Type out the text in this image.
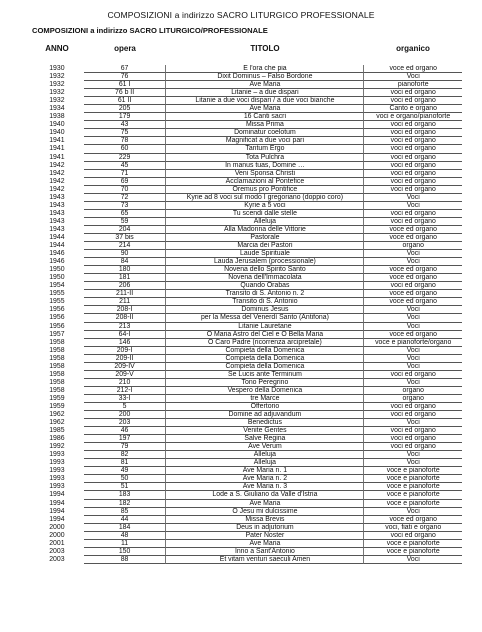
COMPOSIZIONI a indirizzo SACRO LITURGICO PROFESSIONALE
COMPOSIZIONI a indirizzo SACRO LITURGICO/PROFESSIONALE
ANNO	opera	TITOLO	organico
1930	67	È l'ora che pia	voce ed organo
1932	76	Dixit Dominus – Falso Bordone	Voci
1932	61 I	Ave Maria	pianoforte
1932	76 b II	Litanie – a due dispari	voci ed organo
1932	61 II	Litanie a due voci dispari / a due voci bianche	voci ed organo
1934	205	Ave Maria	Canto e organo
1938	179	16 Canti sacri	voci e organo/pianoforte
1940	43	Missa Prima	voci ed organo
1940	75	Dominatur coelotum	voci ed organo
1941	78	Magnificat a due voci pari	voci ed organo
1941	60	Tantum Ergo	voci ed organo
1941	229	Tota Pulchra	voci ed organo
1942	45	In manus tuas, Domine …	voci ed organo
1942	71	Veni Sponsa Christi	voci ed organo
1942	69	Acclamazioni al Pontefice	voci ed organo
1942	70	Oremus pro Pontifice	voci ed organo
1943	72	Kyrie ad 8 voci sul modo I gregoriano (doppio coro)	Voci
1943	73	Kyrie a 5 voci	Voci
1943	65	Tu scendi dalle stelle	voci ed organo
1943	59	Alleluja	voci ed organo
1943	204	Alla Madonna delle Vittorie	voce ed organo
1944	37 bis	Pastorale	voce ed organo
1944	214	Marcia dei Pastori	organo
1946	90	Laude Spirituale	Voci
1946	84	Lauda Jerusalem (processionale)	Voci
1950	180	Novena dello Spirito Santo	voce ed organo
1950	181	Novena dell'Immacolata	voce ed organo
1954	206	Quando Orabas	voci ed organo
1955	211-II	Transito di S. Antonio n. 2	voce ed organo
1955	211	Transito di S. Antonio	voce ed organo
1956	208-I	Dominus Jesus	Voci
1956	208-II	per la Messa del Venerdì Santo (Antifona)	Voci
1956	213	Litanie Lauretane	Voci
1957	64-I	O Maria Astro del Ciel e O Bella Maria	voce ed organo
1958	146	O Caro Padre (ricorrenza arcipretale)	voce e pianoforte/organo
1958	209-I	Compieta della Domenica	Voci
1958	209-II	Compieta della Domenica	Voci
1958	209-IV	Compieta della Domenica	Voci
1958	209-V	Se Lucis ante Terminum	voci ed organo
1958	210	Tono Peregrino	Voci
1958	212-I	Vespero della Domenica	organo
1959	33-I	tre Marce	organo
1959	5	Offertorio	voci ed organo
1962	200	Domine ad adjuvandum	voci ed organo
1962	203	Benedictus	Voci
1985	46	Venite Gentes	voci ed organo
1986	197	Salve Regina	voci ed organo
1992	79	Ave Verum	voci ed organo
1993	82	Alleluja	Voci
1993	81	Alleluja	Voci
1993	49	Ave Maria n. 1	voce e pianoforte
1993	50	Ave Maria n. 2	voce e pianoforte
1993	51	Ave Maria n. 3	voce e pianoforte
1994	183	Lode a S. Giuliano da Valle d'Istria	voce e pianoforte
1994	182	Ave Maria	voce e pianoforte
1994	85	O Jesu mi dulcissime	Voci
1994	44	Missa Brevis	voce ed organo
2000	184	Deus in adjutorium	voci, fiati e organo
2000	48	Pater Noster	voci ed organo
2001	11	Ave Maria	voce e pianoforte
2003	150	Inno a Sant'Antonio	voce e pianoforte
2003	88	Et vitam venturi saeculi Amen	Voci
